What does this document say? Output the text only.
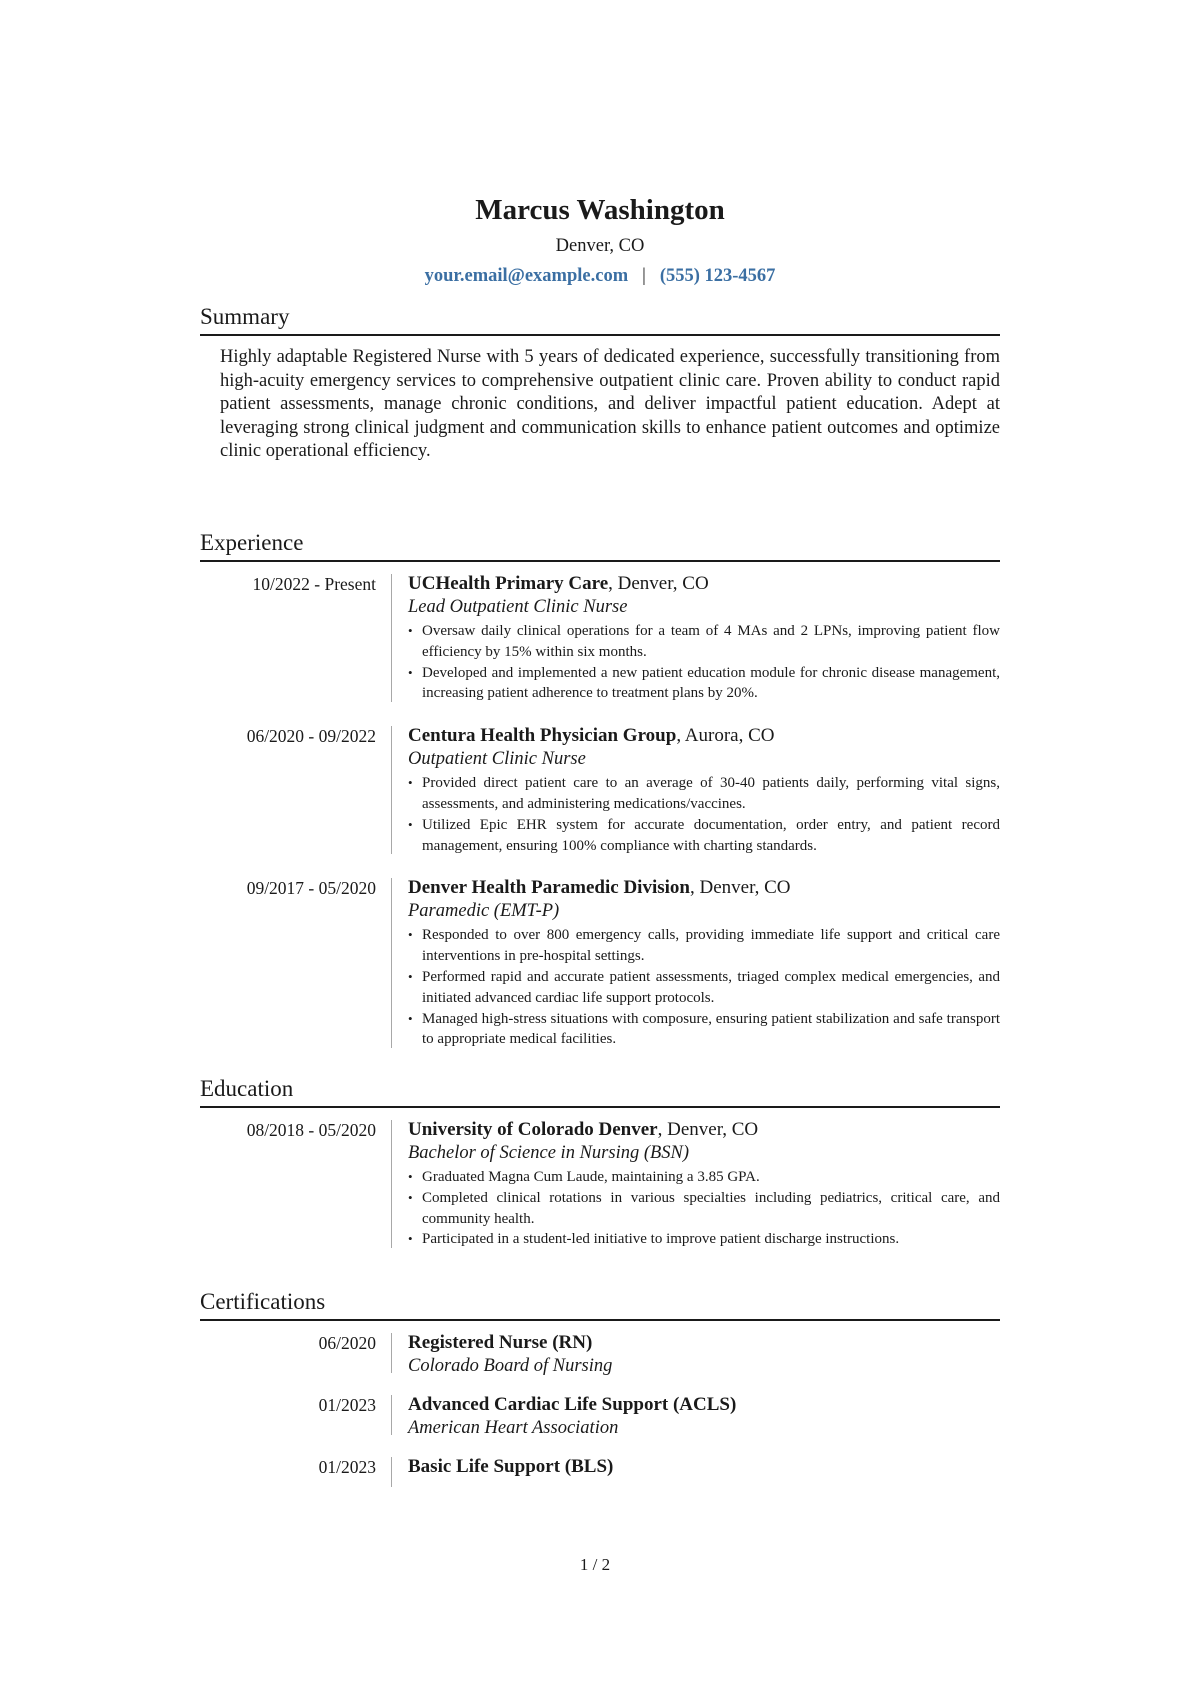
Marcus Washington
Denver, CO
your.email@example.com | (555) 123-4567
Summary

Highly adaptable Registered Nurse with 5 years of dedicated experience, successfully transitioning from high-acuity emergency services to comprehensive outpatient clinic care. Proven ability to conduct rapid patient assessments, manage chronic conditions, and deliver impactful patient education. Adept at leveraging strong clinical judgment and communication skills to enhance patient outcomes and optimize clinic operational efficiency.

Experience
10/2022 - Present UCHealth Primary Care, Denver, CO
Lead Outpatient Clinic Nurse
• Oversaw daily clinical operations for a team of 4 MAs and 2 LPNs, improving patient flow efficiency by 15% within six months.
• Developed and implemented a new patient education module for chronic disease management, increasing patient adherence to treatment plans by 20%.
06/2020 - 09/2022 Centura Health Physician Group, Aurora, CO
Outpatient Clinic Nurse
• Provided direct patient care to an average of 30-40 patients daily, performing vital signs, assessments, and administering medications/vaccines.
• Utilized Epic EHR system for accurate documentation, order entry, and patient record management, ensuring 100% compliance with charting standards.
09/2017 - 05/2020 Denver Health Paramedic Division, Denver, CO
Paramedic (EMT-P)
• Responded to over 800 emergency calls, providing immediate life support and critical care interventions in pre-hospital settings.
• Performed rapid and accurate patient assessments, triaged complex medical emergencies, and initiated advanced cardiac life support protocols.
• Managed high-stress situations with composure, ensuring patient stabilization and safe transport to appropriate medical facilities.
Education
08/2018 - 05/2020 University of Colorado Denver, Denver, CO
Bachelor of Science in Nursing (BSN)
• Graduated Magna Cum Laude, maintaining a 3.85 GPA.
• Completed clinical rotations in various specialties including pediatrics, critical care, and community health.
• Participated in a student-led initiative to improve patient discharge instructions.
Certifications
06/2020 Registered Nurse (RN)
Colorado Board of Nursing
01/2023 Advanced Cardiac Life Support (ACLS)
American Heart Association
01/2023 Basic Life Support (BLS)
1 / 2
